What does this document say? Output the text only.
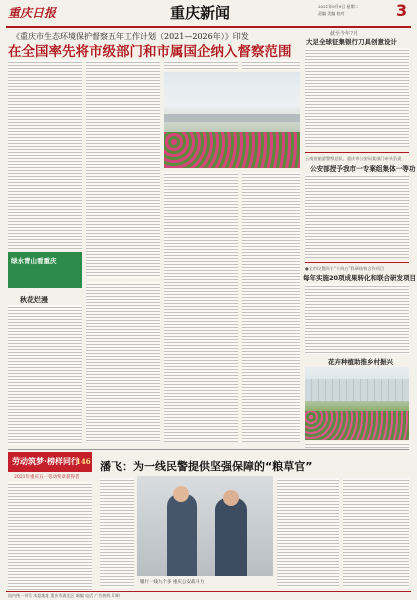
重庆日报	重庆新闻	2021年9月9日 星期二
责编 美编 校对	3
《重庆市生态环境保护督察五年工作计划（2021—2026年）》印发
在全国率先将市级部门和市属国企纳入督察范围
绿水青山看重庆
秋花烂漫
截至今年7月
大足全球征集银行刀具创意设计
云南省旅游警察总队、重庆市公安局某部门牵头负责
公安部授予我市一专案组集体一等功
●全市设置四个“十四五”科研结构合作项目
每年实施20项成果转化和联合研发项目
花卉种植助推乡村振兴
劳动筑梦·榜样同行
146
2021年重庆五一劳动奖章获得者
潘飞：为一线民警提供坚强保障的“粮草官”
履行一线九个多 重庆公安战斗力
国内统一刊号 本报地址 重庆市渝北区 邮编 电话 广告热线 印刷
